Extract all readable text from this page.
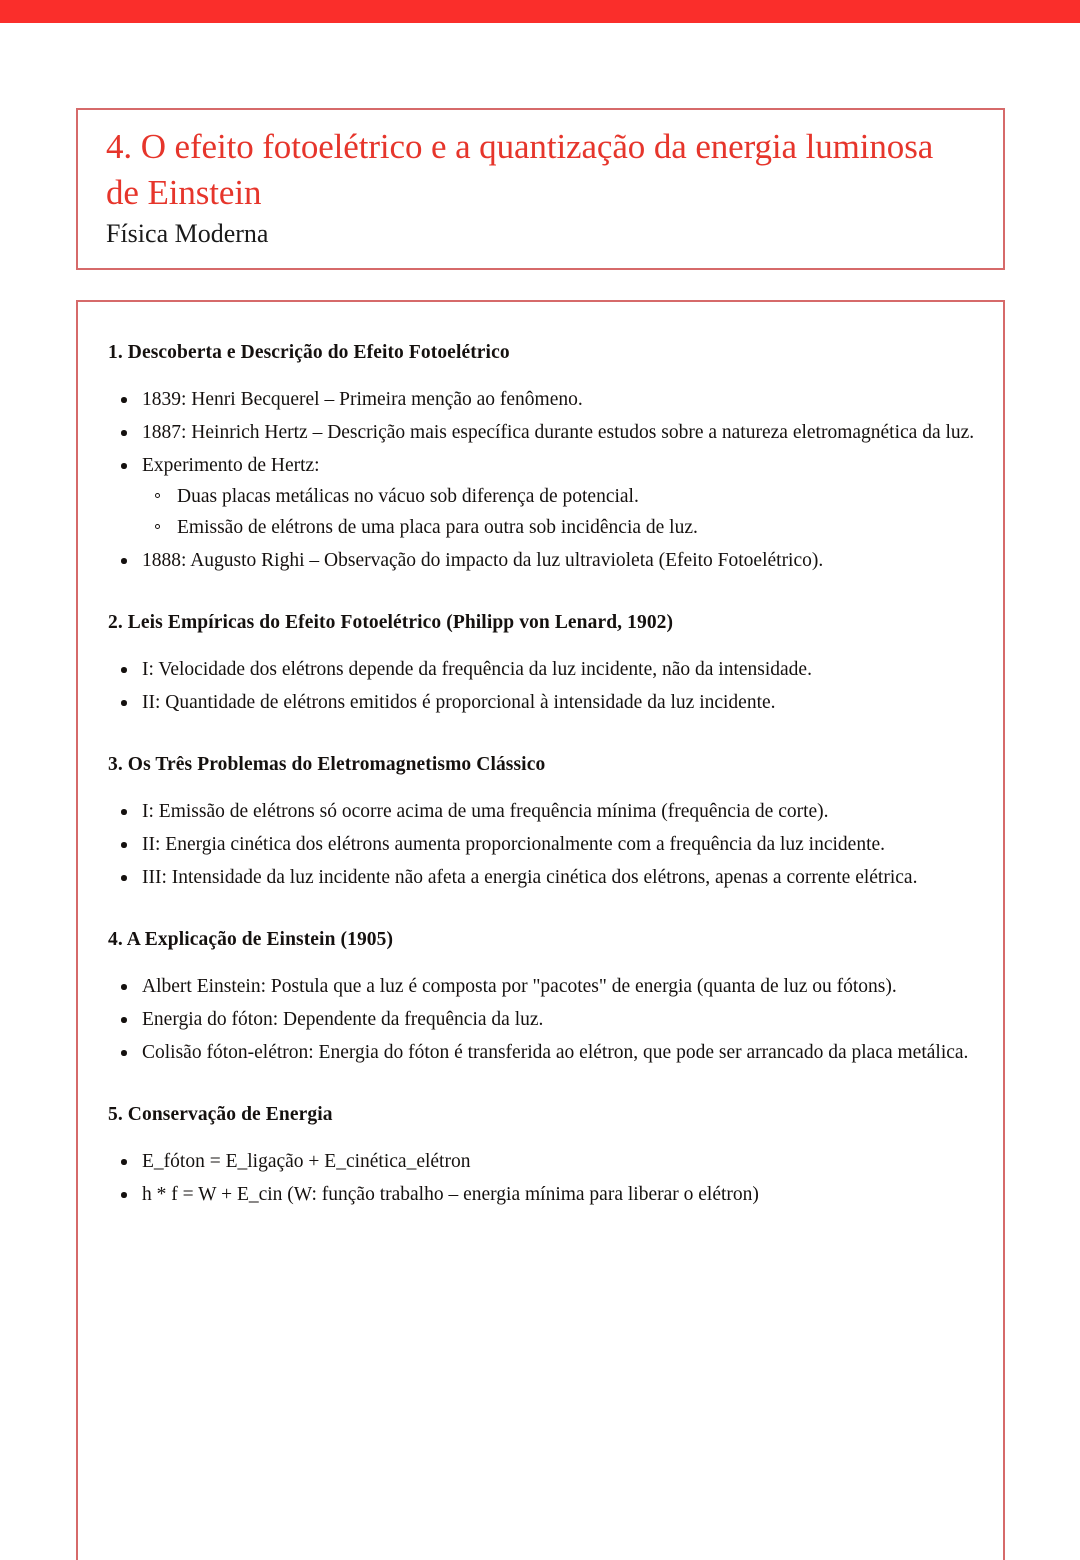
4. O efeito fotoelétrico e a quantização da energia luminosa de Einstein
Física Moderna
1. Descoberta e Descrição do Efeito Fotoelétrico
1839: Henri Becquerel – Primeira menção ao fenômeno.
1887: Heinrich Hertz – Descrição mais específica durante estudos sobre a natureza eletromagnética da luz.
Experimento de Hertz:
Duas placas metálicas no vácuo sob diferença de potencial.
Emissão de elétrons de uma placa para outra sob incidência de luz.
1888: Augusto Righi – Observação do impacto da luz ultravioleta (Efeito Fotoelétrico).
2. Leis Empíricas do Efeito Fotoelétrico (Philipp von Lenard, 1902)
I: Velocidade dos elétrons depende da frequência da luz incidente, não da intensidade.
II: Quantidade de elétrons emitidos é proporcional à intensidade da luz incidente.
3. Os Três Problemas do Eletromagnetismo Clássico
I: Emissão de elétrons só ocorre acima de uma frequência mínima (frequência de corte).
II: Energia cinética dos elétrons aumenta proporcionalmente com a frequência da luz incidente.
III: Intensidade da luz incidente não afeta a energia cinética dos elétrons, apenas a corrente elétrica.
4. A Explicação de Einstein (1905)
Albert Einstein: Postula que a luz é composta por "pacotes" de energia (quanta de luz ou fótons).
Energia do fóton: Dependente da frequência da luz.
Colisão fóton-elétron: Energia do fóton é transferida ao elétron, que pode ser arrancado da placa metálica.
5. Conservação de Energia
E_fóton = E_ligação + E_cinética_elétron
h * f = W + E_cin (W: função trabalho – energia mínima para liberar o elétron)
